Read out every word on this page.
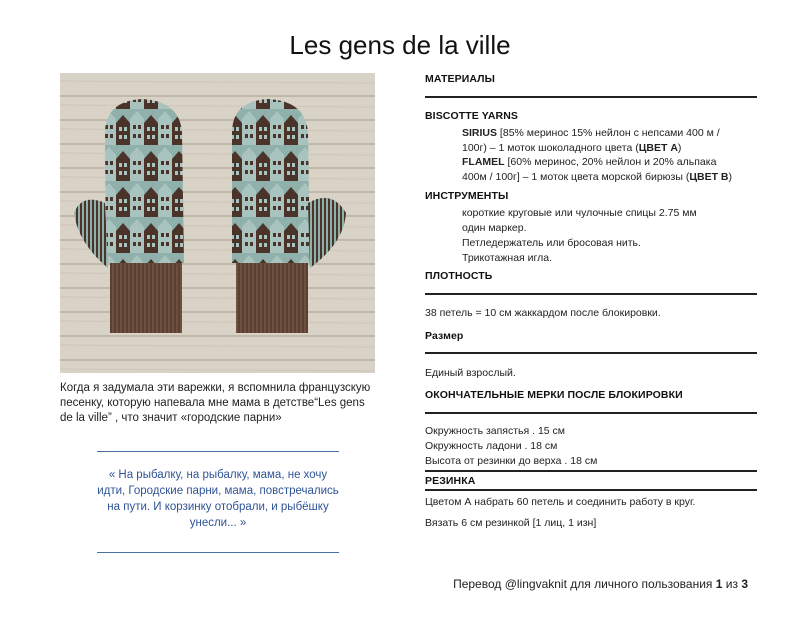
Les gens de la ville
Когда я задумала эти варежки, я вспомнила французскую песенку, которую напевала мне мама в детстве“Les gens de la ville” , что значит «городские парни»
« На рыбалку, на рыбалку, мама, не хочу идти, Городские парни, мама, повстречались на пути. И корзинку отобрали, и рыбёшку унесли... »
МАТЕРИАЛЫ
BISCOTTE YARNS
SIRIUS [85% меринос 15% нейлон с непсами 400 м /
100г) – 1 моток шоколадного цвета (ЦВЕТ А)
FLAMEL [60% меринос, 20% нейлон и 20% альпака
400м / 100г] – 1 моток цвета морской бирюзы (ЦВЕТ В)
ИНСТРУМЕНТЫ
короткие круговые или чулочные спицы 2.75 мм
один маркер.
Петледержатель или бросовая нить.
Трикотажная игла.
ПЛОТНОСТЬ
38 петель = 10 см жаккардом после блокировки.
Размер
Единый взрослый.
ОКОНЧАТЕЛЬНЫЕ МЕРКИ ПОСЛЕ БЛОКИРОВКИ
Окружность запястья . 15 см
Окружность ладони . 18 см
Высота от резинки до верха . 18 см
РЕЗИНКА
Цветом А набрать 60 петель и соединить работу в круг.
Вязать 6 см резинкой [1 лиц, 1 изн]
Перевод @lingvaknit для личного пользования 1 из 3
